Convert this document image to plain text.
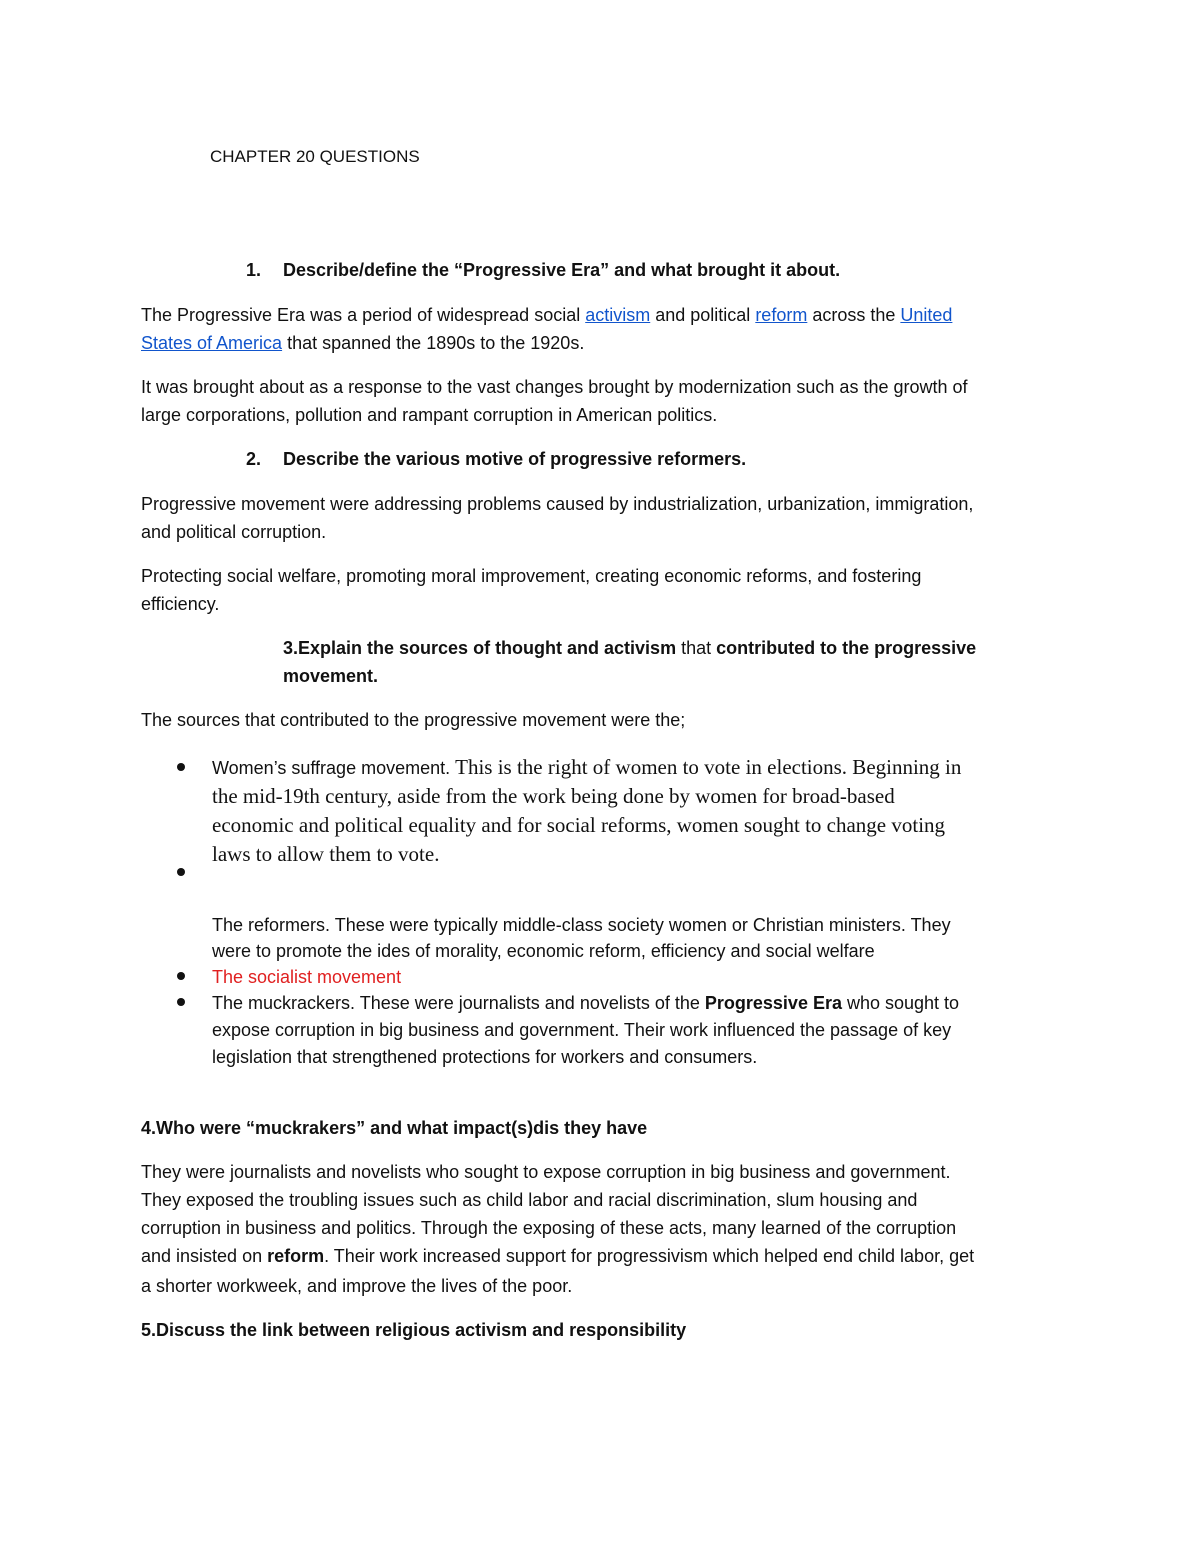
CHAPTER 20 QUESTIONS
1. Describe/define the “Progressive Era” and what brought it about.
The Progressive Era was a period of widespread social activism and political reform across the United
States of America that spanned the 1890s to the 1920s.
It was brought about as a response to the vast changes brought by modernization such as the growth of
large corporations, pollution and rampant corruption in American politics.
2. Describe the various motive of progressive reformers.
Progressive movement were addressing problems caused by industrialization, urbanization, immigration,
and political corruption.
Protecting social welfare, promoting moral improvement, creating economic reforms, and fostering
efficiency.
3.Explain the sources of thought and activism that contributed to the progressive
movement.
The sources that contributed to the progressive movement were the;
Women’s suffrage movement. This is the right of women to vote in elections. Beginning in
the mid-19th century, aside from the work being done by women for broad-based
economic and political equality and for social reforms, women sought to change voting
laws to allow them to vote.
The reformers. These were typically middle-class society women or Christian ministers. They
were to promote the ides of morality, economic reform, efficiency and social welfare
The socialist movement
The muckrackers. These were journalists and novelists of the Progressive Era who sought to
expose corruption in big business and government. Their work influenced the passage of key
legislation that strengthened protections for workers and consumers.
4.Who were “muckrakers” and what impact(s)dis they have
They were journalists and novelists who sought to expose corruption in big business and government.
They exposed the troubling issues such as child labor and racial discrimination, slum housing and
corruption in business and politics. Through the exposing of these acts, many learned of the corruption
and insisted on reform. Their work increased support for progressivism which helped end child labor, get
a shorter workweek, and improve the lives of the poor.
5.Discuss the link between religious activism and responsibility
